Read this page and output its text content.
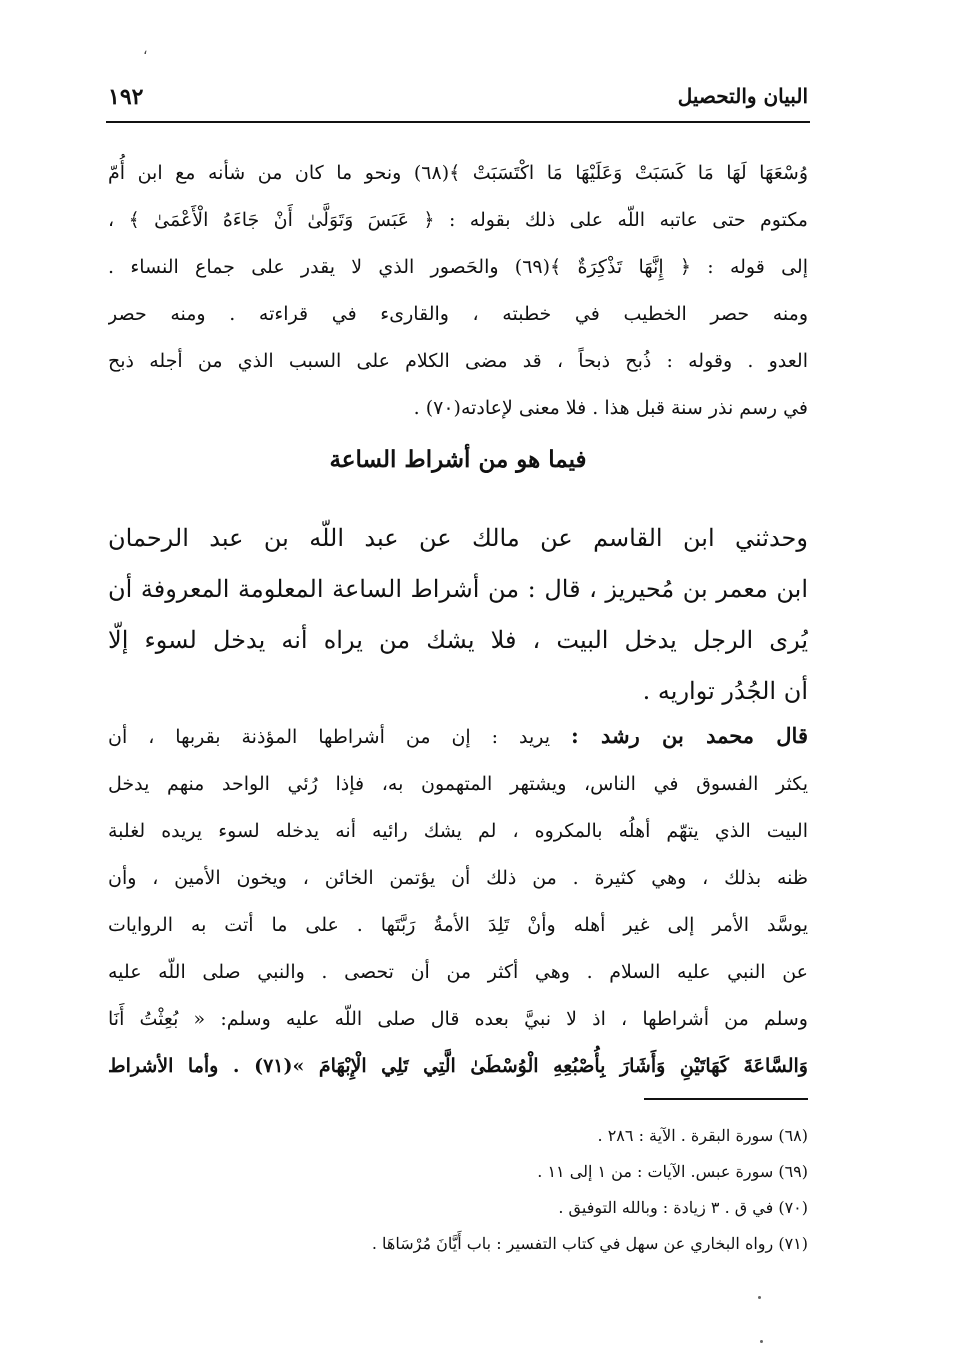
،
١٩٢	البيان والتحصيل
وُسْعَهَا لَهَا مَا كَسَبَتْ وَعَلَيْهَا مَا اكْتَسَبَتْ ﴾(٦٨) ونحو ما كان من شأنه مع ابن أُمّ
مكتوم حتى عاتبه اللّه على ذلك بقوله : ﴿ عَبَسَ وَتَوَلَّىٰ أَنْ جَاءَهُ الْأَعْمَىٰ ﴾ ،
إلى قوله : ﴿ إِنَّهَا تَذْكِرَةٌ ﴾(٦٩) والحَصور الذي لا يقدر على جماع النساء .
ومنه حصر الخطيب في خطبته ، والقارىء في قراءته . ومنه حصر
العدو . وقوله : ذُبح ذبحاً ، قد مضى الكلام على السبب الذي من أجله ذبح
في رسم نذر سنة قبل هذا . فلا معنى لإعادته(٧٠) .
فيما هو من أشراط الساعة
وحدثني ابن القاسم عن مالك عن عبد اللّه بن عبد الرحمان
ابن معمر بن مُحيريز ، قال : من أشراط الساعة المعلومة المعروفة أن
يُرى الرجل يدخل البيت ، فلا يشك من يراه أنه يدخل لسوء إلّا
أن الجُدُر تواريه .
قال محمد بن رشد : يريد : إن من أشراطها المؤذنة بقربها ، أن
يكثر الفسوق في الناس، ويشتهر المتهمون به، فإذا رُئي الواحد منهم يدخل
البيت الذي يتهّم أهلُه بالمكروه ، لم يشك رائيه أنه يدخله لسوء يريده لغلبة
ظنه بذلك ، وهي كثيرة . من ذلك أن يؤتمن الخائن ، ويخون الأمين ، وأن
يوسَّد الأمر إلى غير أهله وأنْ تَلِدَ الأمةُ رَبَّتَها . على ما أتت به الروايات
عن النبي عليه السلام . وهي أكثر من أن تحصى . والنبي صلى اللّه عليه
وسلم من أشراطها ، اذ لا نبيَّ بعده قال صلى اللّه عليه وسلم: « بُعِثْتُ أَنَا
وَالسَّاعَةَ كَهَاتَيْنِ وَأَشَارَ بِأُصْبُعِهِ الْوُسْطَىٰ الَّتِي تَلِي الْإِبْهَامَ »(٧١) . وأما الأشراط
(٦٨) سورة البقرة . الآية : ٢٨٦ .
(٦٩) سورة عبس. الآيات : من ١ إلى ١١ .
(٧٠) في ق . ٣ زيادة : وبالله التوفيق .
(٧١) رواه البخاري عن سهل في كتاب التفسير : باب أَيَّانَ مُرْسَاهَا .
